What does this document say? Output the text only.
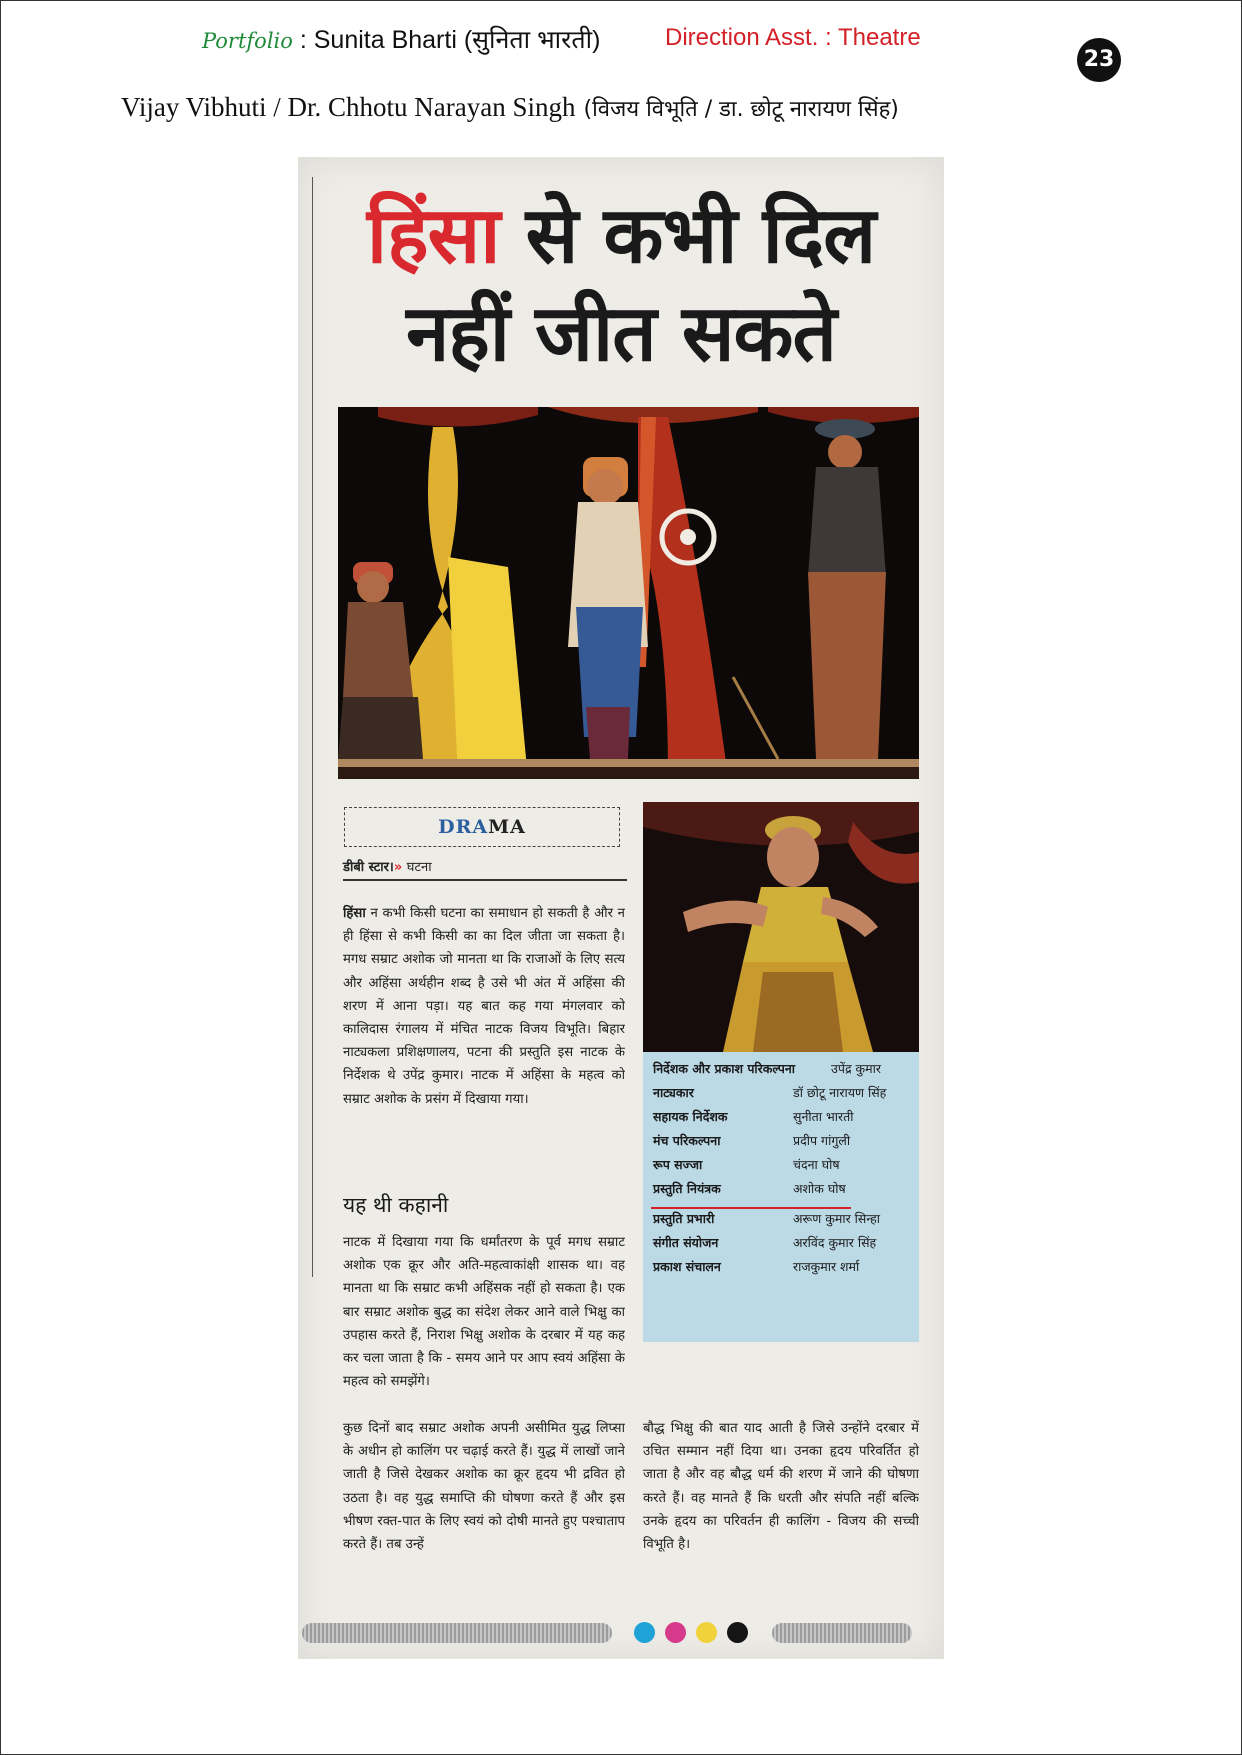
Portfolio : Sunita Bharti (सुनिता भारती)	Direction Asst. : Theatre
23
Vijay Vibhuti / Dr. Chhotu Narayan Singh (विजय विभूति / डा. छोटू नारायण सिंह)
हिंसा से कभी दिल
नहीं जीत सकते
DRAMA
डीबी स्टार।» घटना
हिंसा न कभी किसी घटना का समाधान हो सकती है और न ही हिंसा से कभी किसी का का दिल जीता जा सकता है। मगध सम्राट अशोक जो मानता था कि राजाओं के लिए सत्य और अहिंसा अर्थहीन शब्द है उसे भी अंत में अहिंसा की शरण में आना पड़ा। यह बात कह गया मंगलवार को कालिदास रंगालय में मंचित नाटक विजय विभूति। बिहार नाट्यकला प्रशिक्षणालय, पटना की प्रस्तुति इस नाटक के निर्देशक थे उपेंद्र कुमार। नाटक में अहिंसा के महत्व को सम्राट अशोक के प्रसंग में दिखाया गया।
यह थी कहानी
नाटक में दिखाया गया कि धर्मांतरण के पूर्व मगध सम्राट अशोक एक क्रूर और अति-महत्वाकांक्षी शासक था। वह मानता था कि सम्राट कभी अहिंसक नहीं हो सकता है। एक बार सम्राट अशोक बुद्ध का संदेश लेकर आने वाले भिक्षु का उपहास करते हैं, निराश भिक्षु अशोक के दरबार में यह कह कर चला जाता है कि - समय आने पर आप स्वयं अहिंसा के महत्व को समझेंगे।
कुछ दिनों बाद सम्राट अशोक अपनी असीमित युद्ध लिप्सा के अधीन हो कालिंग पर चढ़ाई करते हैं। युद्ध में लाखों जाने जाती है जिसे देखकर अशोक का क्रूर हृदय भी द्रवित हो उठता है। वह युद्ध समाप्ति की घोषणा करते हैं और इस भीषण रक्त-पात के लिए स्वयं को दोषी मानते हुए पश्चाताप करते हैं। तब उन्हें
निर्देशक और प्रकाश परिकल्पना	उपेंद्र कुमार
नाट्यकार	डॉ छोटू नारायण सिंह
सहायक निर्देशक	सुनीता भारती
मंच परिकल्पना	प्रदीप गांगुली
रूप सज्जा	चंदना घोष
प्रस्तुति नियंत्रक	अशोक घोष
प्रस्तुति प्रभारी	अरूण कुमार सिन्हा
संगीत संयोजन	अरविंद कुमार सिंह
प्रकाश संचालन	राजकुमार शर्मा
बौद्ध भिक्षु की बात याद आती है जिसे उन्होंने दरबार में उचित सम्मान नहीं दिया था। उनका हृदय परिवर्तित हो जाता है और वह बौद्ध धर्म की शरण में जाने की घोषणा करते हैं। वह मानते हैं कि धरती और संपति नहीं बल्कि उनके हृदय का परिवर्तन ही कालिंग - विजय की सच्ची विभूति है।
